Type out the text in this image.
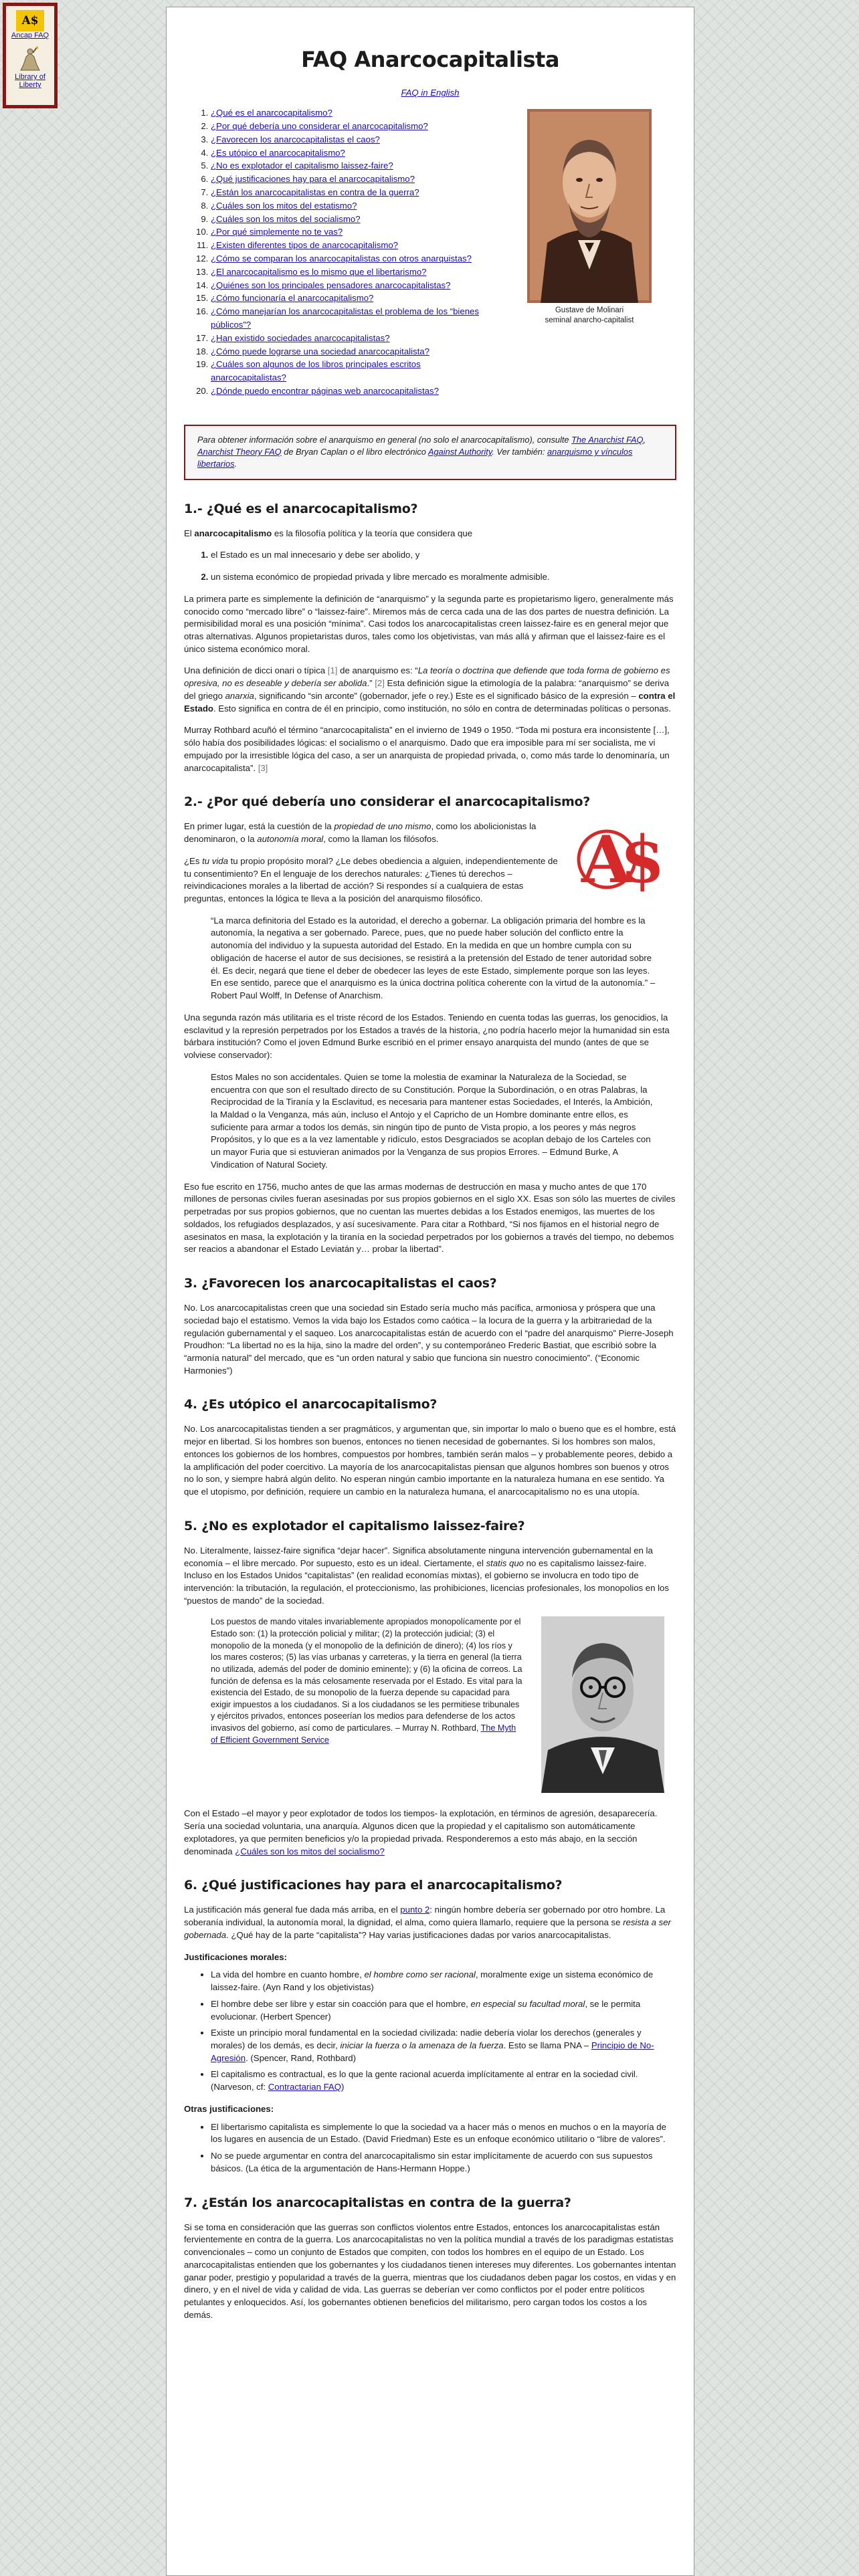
A$
Ancap FAQ
Library of Liberty
FAQ Anarcocapitalista
FAQ in English
1. ¿Qué es el anarcocapitalismo?
2. ¿Por qué debería uno considerar el anarcocapitalismo?
3. ¿Favorecen los anarcocapitalistas el caos?
4. ¿Es utópico el anarcocapitalismo?
5. ¿No es explotador el capitalismo laissez-faire?
6. ¿Qué justificaciones hay para el anarcocapitalismo?
7. ¿Están los anarcocapitalistas en contra de la guerra?
8. ¿Cuáles son los mitos del estatismo?
9. ¿Cuáles son los mitos del socialismo?
10. ¿Por qué simplemente no te vas?
11. ¿Existen diferentes tipos de anarcocapitalismo?
12. ¿Cómo se comparan los anarcocapitalistas con otros anarquistas?
13. ¿El anarcocapitalismo es lo mismo que el libertarismo?
14. ¿Quiénes son los principales pensadores anarcocapitalistas?
15. ¿Cómo funcionaría el anarcocapitalismo?
16. ¿Cómo manejarían los anarcocapitalistas el problema de los “bienes públicos”?
17. ¿Han existido sociedades anarcocapitalistas?
18. ¿Cómo puede lograrse una sociedad anarcocapitalista?
19. ¿Cuáles son algunos de los libros principales escritos anarcocapitalistas?
20. ¿Dónde puedo encontrar páginas web anarcocapitalistas?
Gustave de Molinari
seminal anarcho-capitalist
Para obtener información sobre el anarquismo en general (no solo el anarcocapitalismo), consulte The Anarchist FAQ, Anarchist Theory FAQ de Bryan Caplan o el libro electrónico Against Authority. Ver también: anarquismo y vínculos libertarios.
1.- ¿Qué es el anarcocapitalismo?

El anarcocapitalismo es la filosofía política y la teoría que considera que

1. el Estado es un mal innecesario y debe ser abolido, y
2. un sistema económico de propiedad privada y libre mercado es moralmente admisible.

La primera parte es simplemente la definición de “anarquismo” y la segunda parte es propietarismo ligero, generalmente más conocido como “mercado libre” o “laissez-faire”. Miremos más de cerca cada una de las dos partes de nuestra definición. La permisibilidad moral es una posición “mínima”. Casi todos los anarcocapitalistas creen laissez-faire es en general mejor que otras alternativas. Algunos propietaristas duros, tales como los objetivistas, van más allá y afirman que el laissez-faire es el único sistema económico moral.

Una definición de dicci onari o típica [1] de anarquismo es: “La teoría o doctrina que defiende que toda forma de gobierno es opresiva, no es deseable y debería ser abolida.” [2] Esta definición sigue la etimología de la palabra: “anarquismo” se deriva del griego anarxia, significando “sin arconte” (gobernador, jefe o rey.) Este es el significado básico de la expresión – contra el Estado. Esto significa en contra de él en principio, como institución, no sólo en contra de determinadas políticas o personas.

Murray Rothbard acuñó el término “anarcocapitalista” en el invierno de 1949 o 1950. “Toda mi postura era inconsistente […], sólo había dos posibilidades lógicas: el socialismo o el anarquismo. Dado que era imposible para mí ser socialista, me vi empujado por la irresistible lógica del caso, a ser un anarquista de propiedad privada, o, como más tarde lo denominaría, un anarcocapitalista”. [3]

2.- ¿Por qué debería uno considerar el anarcocapitalismo?
A
$

En primer lugar, está la cuestión de la propiedad de uno mismo, como los abolicionistas la denominaron, o la autonomía moral, como la llaman los filósofos.

¿Es tu vida tu propio propósito moral? ¿Le debes obediencia a alguien, independientemente de tu consentimiento? En el lenguaje de los derechos naturales: ¿Tienes tú derechos – reivindicaciones morales a la libertad de acción? Si respondes sí a cualquiera de estas preguntas, entonces la lógica te lleva a la posición del anarquismo filosófico.

“La marca definitoria del Estado es la autoridad, el derecho a gobernar. La obligación primaria del hombre es la autonomía, la negativa a ser gobernado. Parece, pues, que no puede haber solución del conflicto entre la autonomía del individuo y la supuesta autoridad del Estado. En la medida en que un hombre cumpla con su obligación de hacerse el autor de sus decisiones, se resistirá a la pretensión del Estado de tener autoridad sobre él. Es decir, negará que tiene el deber de obedecer las leyes de este Estado, simplemente porque son las leyes. En ese sentido, parece que el anarquismo es la única doctrina política coherente con la virtud de la autonomía.” – Robert Paul Wolff, In Defense of Anarchism.

Una segunda razón más utilitaria es el triste récord de los Estados. Teniendo en cuenta todas las guerras, los genocidios, la esclavitud y la represión perpetrados por los Estados a través de la historia, ¿no podría hacerlo mejor la humanidad sin esta bárbara institución? Como el joven Edmund Burke escribió en el primer ensayo anarquista del mundo (antes de que se volviese conservador):

Estos Males no son accidentales. Quien se tome la molestia de examinar la Naturaleza de la Sociedad, se encuentra con que son el resultado directo de su Constitución. Porque la Subordinación, o en otras Palabras, la Reciprocidad de la Tiranía y la Esclavitud, es necesaria para mantener estas Sociedades, el Interés, la Ambición, la Maldad o la Venganza, más aún, incluso el Antojo y el Capricho de un Hombre dominante entre ellos, es suficiente para armar a todos los demás, sin ningún tipo de punto de Vista propio, a los peores y más negros Propósitos, y lo que es a la vez lamentable y ridículo, estos Desgraciados se acoplan debajo de los Carteles con un mayor Furia que si estuvieran animados por la Venganza de sus propios Errores. – Edmund Burke, A Vindication of Natural Society.

Eso fue escrito en 1756, mucho antes de que las armas modernas de destrucción en masa y mucho antes de que 170 millones de personas civiles fueran asesinadas por sus propios gobiernos en el siglo XX. Esas son sólo las muertes de civiles perpetradas por sus propios gobiernos, que no cuentan las muertes debidas a los Estados enemigos, las muertes de los soldados, los refugiados desplazados, y así sucesivamente. Para citar a Rothbard, “Si nos fijamos en el historial negro de asesinatos en masa, la explotación y la tiranía en la sociedad perpetrados por los gobiernos a través del tiempo, no debemos ser reacios a abandonar el Estado Leviatán y… probar la libertad”.

3. ¿Favorecen los anarcocapitalistas el caos?

No. Los anarcocapitalistas creen que una sociedad sin Estado sería mucho más pacífica, armoniosa y próspera que una sociedad bajo el estatismo. Vemos la vida bajo los Estados como caótica – la locura de la guerra y la arbitrariedad de la regulación gubernamental y el saqueo. Los anarcocapitalistas están de acuerdo con el “padre del anarquismo” Pierre-Joseph Proudhon: “La libertad no es la hija, sino la madre del orden”, y su contemporáneo Frederic Bastiat, que escribió sobre la “armonía natural” del mercado, que es “un orden natural y sabio que funciona sin nuestro conocimiento”. (“Economic Harmonies”)

4. ¿Es utópico el anarcocapitalismo?

No. Los anarcocapitalistas tienden a ser pragmáticos, y argumentan que, sin importar lo malo o bueno que es el hombre, está mejor en libertad. Si los hombres son buenos, entonces no tienen necesidad de gobernantes. Si los hombres son malos, entonces los gobiernos de los hombres, compuestos por hombres, también serán malos – y probablemente peores, debido a la amplificación del poder coercitivo. La mayoría de los anarcocapitalistas piensan que algunos hombres son buenos y otros no lo son, y siempre habrá algún delito. No esperan ningún cambio importante en la naturaleza humana en ese sentido. Ya que el utopismo, por definición, requiere un cambio en la naturaleza humana, el anarcocapitalismo no es una utopía.

5. ¿No es explotador el capitalismo laissez-faire?

No. Literalmente, laissez-faire significa “dejar hacer”. Significa absolutamente ninguna intervención gubernamental en la economía – el libre mercado. Por supuesto, esto es un ideal. Ciertamente, el statis quo no es capitalismo laissez-faire. Incluso en los Estados Unidos “capitalistas” (en realidad economías mixtas), el gobierno se involucra en todo tipo de intervención: la tributación, la regulación, el proteccionismo, las prohibiciones, licencias profesionales, los monopolios en los “puestos de mando” de la sociedad.

Los puestos de mando vitales invariablemente apropiados monopolícamente por el Estado son: (1) la protección policial y militar; (2) la protección judicial; (3) el monopolio de la moneda (y el monopolio de la definición de dinero); (4) los ríos y los mares costeros; (5) las vías urbanas y carreteras, y la tierra en general (la tierra no utilizada, además del poder de dominio eminente); y (6) la oficina de correos. La función de defensa es la más celosamente reservada por el Estado. Es vital para la existencia del Estado, de su monopolio de la fuerza depende su capacidad para exigir impuestos a los ciudadanos. Si a los ciudadanos se les permitiese tribunales y ejércitos privados, entonces poseerían los medios para defenderse de los actos invasivos del gobierno, así como de particulares. – Murray N. Rothbard, The Myth of Efficient Government Service

Con el Estado –el mayor y peor explotador de todos los tiempos- la explotación, en términos de agresión, desaparecería. Sería una sociedad voluntaria, una anarquía. Algunos dicen que la propiedad y el capitalismo son automáticamente explotadores, ya que permiten beneficios y/o la propiedad privada. Responderemos a esto más abajo, en la sección denominada ¿Cuáles son los mitos del socialismo?

6. ¿Qué justificaciones hay para el anarcocapitalismo?

La justificación más general fue dada más arriba, en el punto 2: ningún hombre debería ser gobernado por otro hombre. La soberanía individual, la autonomía moral, la dignidad, el alma, como quiera llamarlo, requiere que la persona se resista a ser gobernada. ¿Qué hay de la parte “capitalista”? Hay varias justificaciones dadas por varios anarcocapitalistas.

Justificaciones morales:
• La vida del hombre en cuanto hombre, el hombre como ser racional, moralmente exige un sistema económico de laissez-faire. (Ayn Rand y los objetivistas)
• El hombre debe ser libre y estar sin coacción para que el hombre, en especial su facultad moral, se le permita evolucionar. (Herbert Spencer)
• Existe un principio moral fundamental en la sociedad civilizada: nadie debería violar los derechos (generales y morales) de los demás, es decir, iniciar la fuerza o la amenaza de la fuerza. Esto se llama PNA – Principio de No-Agresión. (Spencer, Rand, Rothbard)
• El capitalismo es contractual, es lo que la gente racional acuerda implícitamente al entrar en la sociedad civil. (Narveson, cf: Contractarian FAQ)
Otras justificaciones:
• El libertarismo capitalista es simplemente lo que la sociedad va a hacer más o menos en muchos o en la mayoría de los lugares en ausencia de un Estado. (David Friedman) Este es un enfoque económico utilitario o “libre de valores”.
• No se puede argumentar en contra del anarcocapitalismo sin estar implícitamente de acuerdo con sus supuestos básicos. (La ética de la argumentación de Hans-Hermann Hoppe.)
7. ¿Están los anarcocapitalistas en contra de la guerra?

Si se toma en consideración que las guerras son conflictos violentos entre Estados, entonces los anarcocapitalistas están fervientemente en contra de la guerra. Los anarcocapitalistas no ven la política mundial a través de los paradigmas estatistas convencionales – como un conjunto de Estados que compiten, con todos los hombres en el equipo de un Estado. Los anarcocapitalistas entienden que los gobernantes y los ciudadanos tienen intereses muy diferentes. Los gobernantes intentan ganar poder, prestigio y popularidad a través de la guerra, mientras que los ciudadanos deben pagar los costos, en vidas y en dinero, y en el nivel de vida y calidad de vida. Las guerras se deberían ver como conflictos por el poder entre políticos petulantes y enloquecidos. Así, los gobernantes obtienen beneficios del militarismo, pero cargan todos los costos a los demás.
